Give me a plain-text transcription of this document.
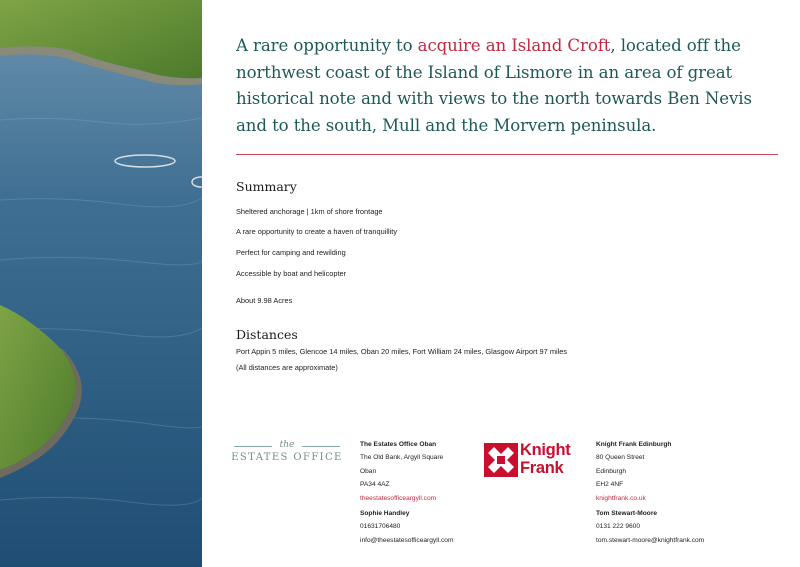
A rare opportunity to acquire an Island Croft, located off the northwest coast of the Island of Lismore in an area of great historical note and with views to the north towards Ben Nevis and to the south, Mull and the Morvern peninsula.

Summary
Sheltered anchorage | 1km of shore frontage
A rare opportunity to create a haven of tranquillity
Perfect for camping and rewilding
Accessible by boat and helicopter
About 9.98 Acres
Distances
Port Appin 5 miles, Glencoe 14 miles, Oban 20 miles, Fort William 24 miles, Glasgow Airport 97 miles
(All distances are approximate)
the
ESTATES OFFICE
The Estates Office Oban
The Old Bank, Argyll Square
Oban
PA34 4AZ
theestatesofficeargyll.com
Sophie Handley
01631706480
info@theestatesofficeargyll.com
Knight
Frank
Knight Frank Edinburgh
80 Queen Street
Edinburgh
EH2 4NF
knightfrank.co.uk
Tom Stewart-Moore
0131 222 9600
tom.stewart-moore@knightfrank.com
